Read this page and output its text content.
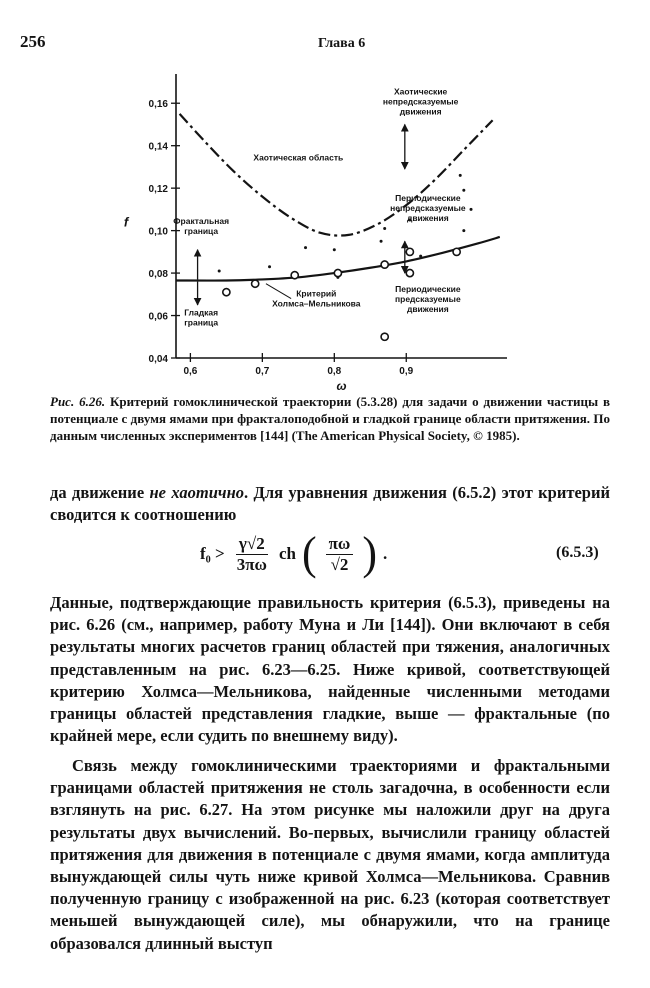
256	Глава 6
0,04
0,06
0,08
0,10
0,12
0,14
0,16
0,6	0,7	0,8	0,9
ω
f
Хаотическая область
Фрактальная граница
Гладкая граница
Критерий Холмса–Мельникова
Хаотические непредсказуемые движения
Периодические непредсказуемые движения
Периодические предсказуемые движения
Рис. 6.26. Критерий гомоклинической траектории (5.3.28) для задачи о движении частицы в потенциале с двумя ямами при фракталоподобной и гладкой границе области притяжения. По данным численных экспериментов [144] (The American Physical Society, © 1985).
да движение не хаотично. Для уравнения движения (6.5.2) этот критерий сводится к соотношению
$f_0 > \frac{\gamma√2}{3\pi\omega}$ ch ( $\frac{\pi\omega}{√2}$ ) .	(6.5.3)
Данные, подтверждающие правильность критерия (6.5.3), приведены на рис. 6.26 (см., например, работу Муна и Ли [144]). Они включают в себя результаты многих расчетов границ областей при тяжения, аналогичных представленным на рис. 6.23—6.25. Ниже кривой, соответствующей критерию Холмса—Мельникова, найденные численными методами границы областей представления гладкие, выше — фрактальные (по крайней мере, если судить по внешнему виду).
Связь между гомоклиническими траекториями и фрактальными границами областей притяжения не столь загадочна, в особенности если взглянуть на рис. 6.27. На этом рисунке мы наложили друг на друга результаты двух вычислений. Во-первых, вычислили границу областей притяжения для движения в потенциале с двумя ямами, когда амплитуда вынуждающей силы чуть ниже кривой Холмса—Мельникова. Сравнив полученную границу с изображенной на рис. 6.23 (которая соответствует меньшей вынуждающей силе), мы обнаружили, что на границе образовался длинный выступ
